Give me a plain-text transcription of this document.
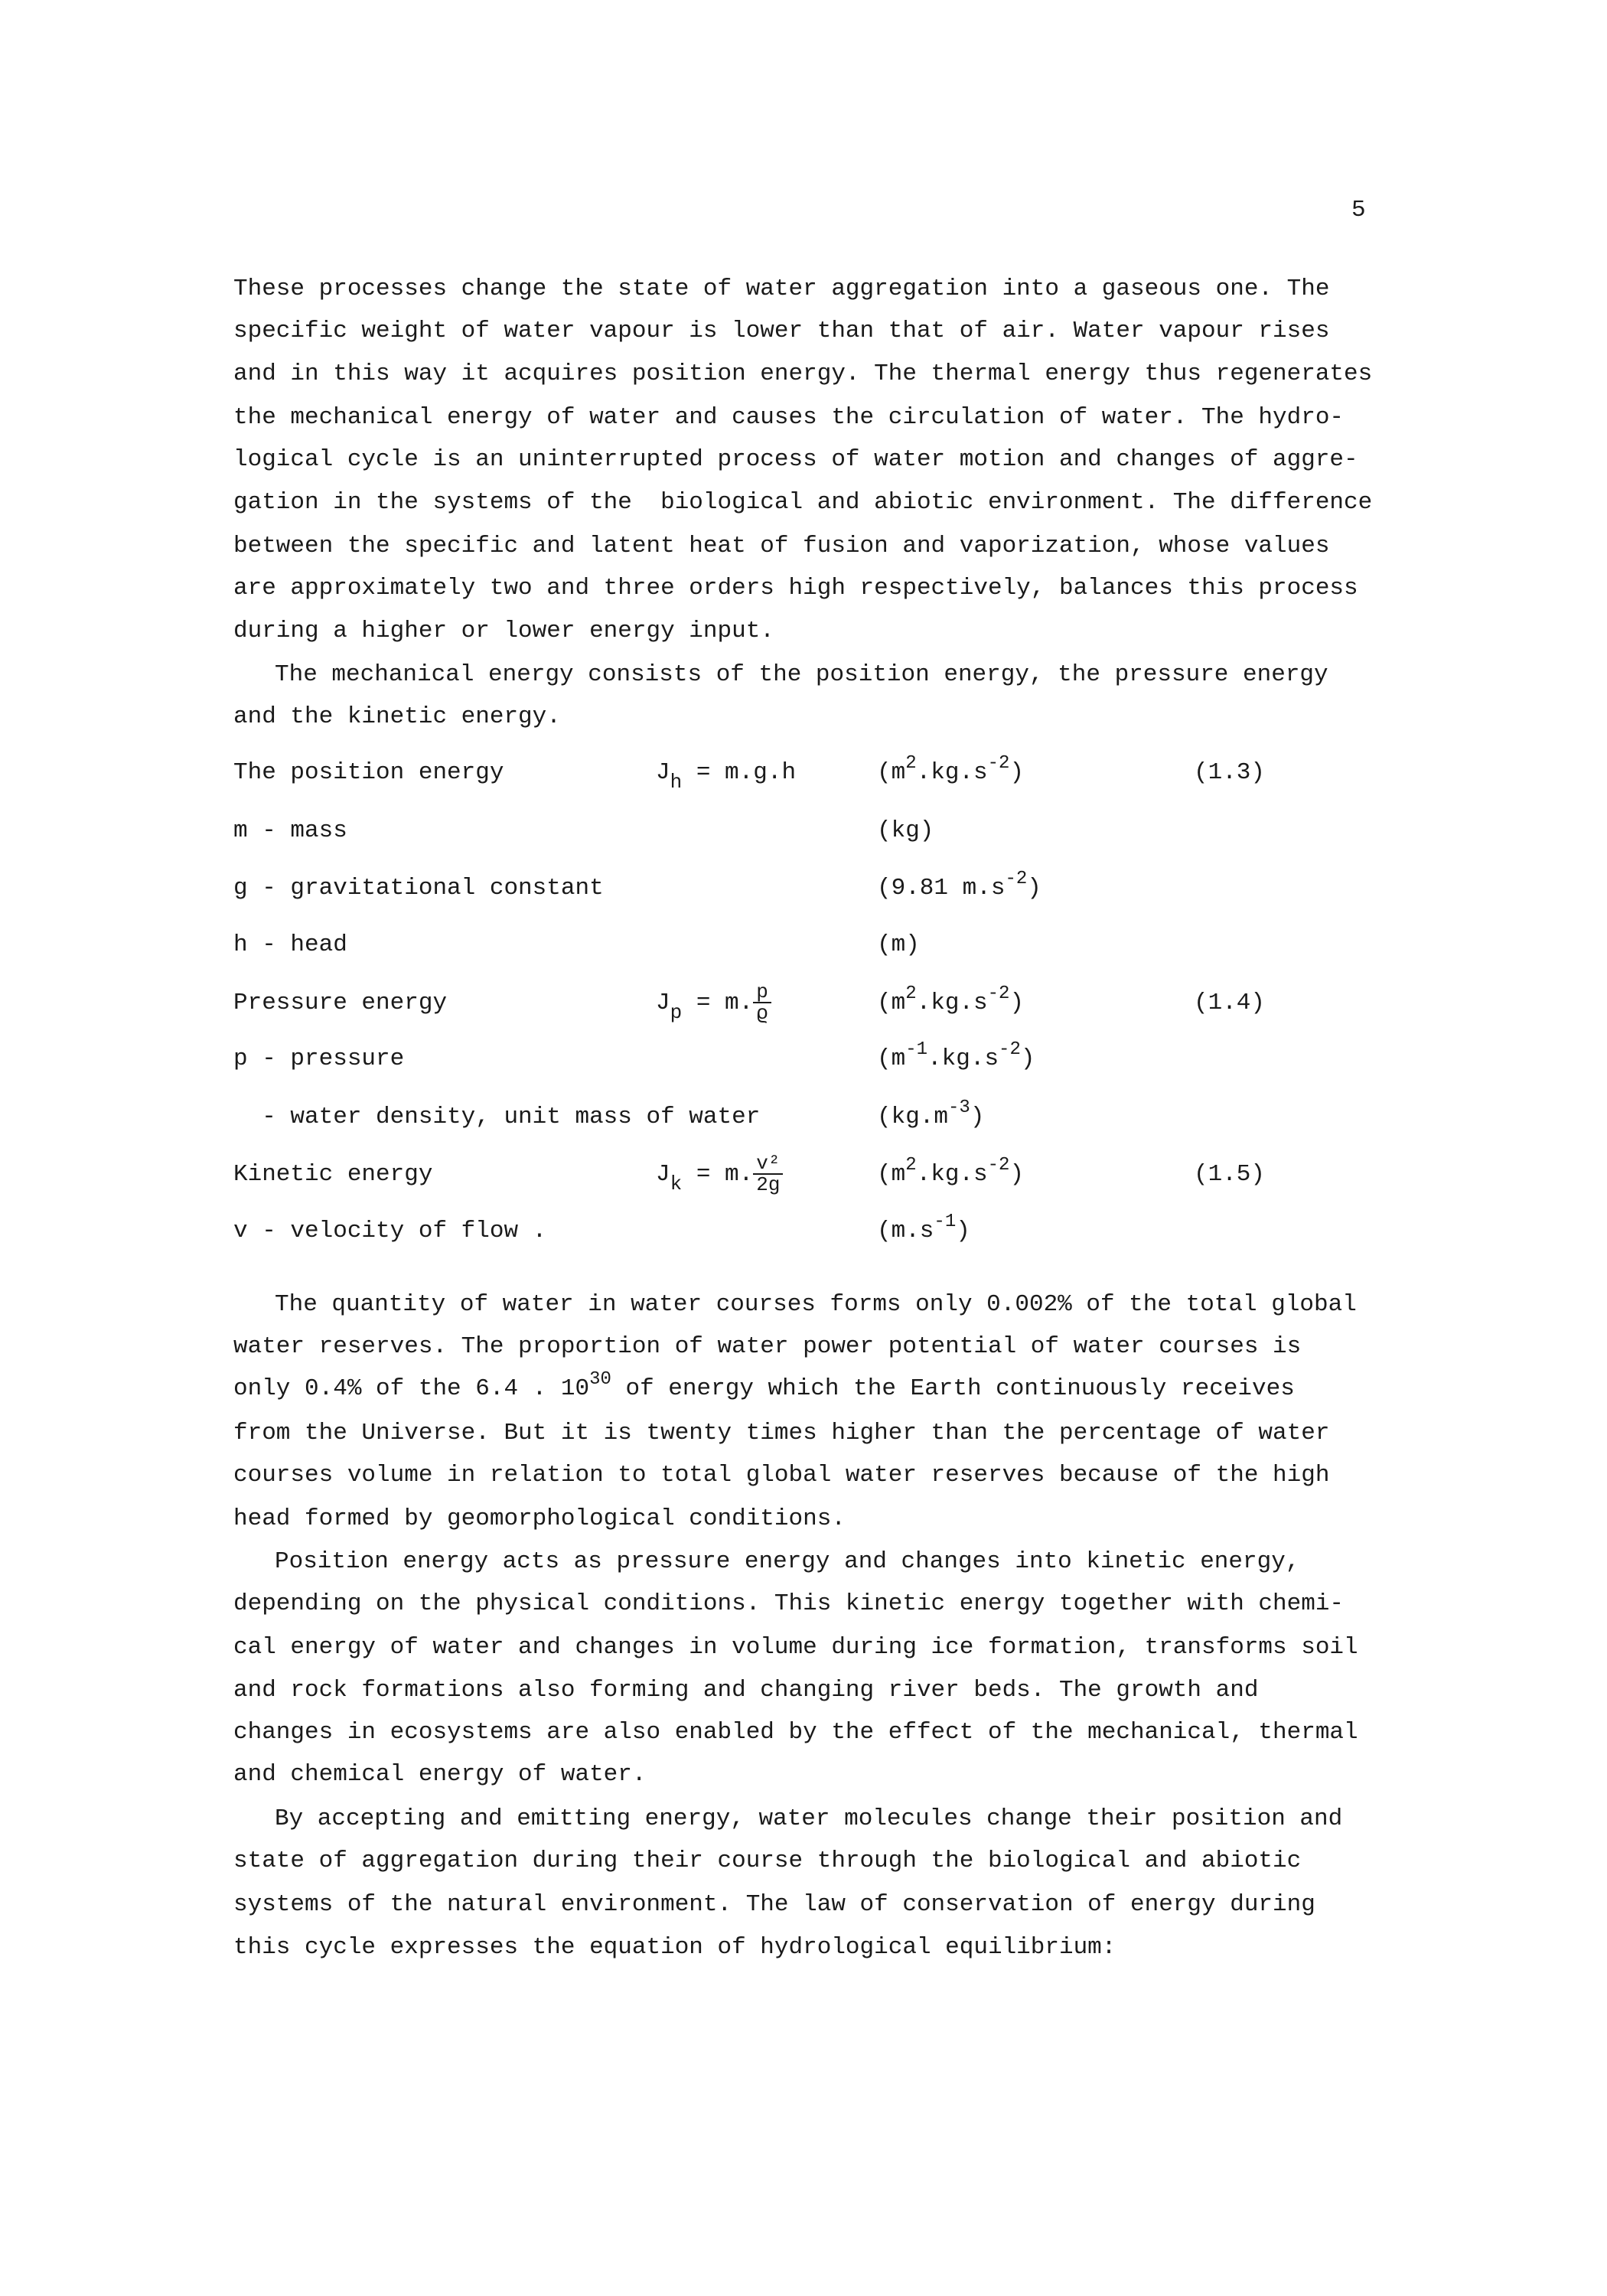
5
These processes change the state of water aggregation into a gaseous one. The
specific weight of water vapour is lower than that of air. Water vapour rises
and in this way it acquires position energy. The thermal energy thus regenerates
the mechanical energy of water and causes the circulation of water. The hydro-
logical cycle is an uninterrupted process of water motion and changes of aggre-
gation in the systems of the  biological and abiotic environment. The difference
between the specific and latent heat of fusion and vaporization, whose values
are approximately two and three orders high respectively, balances this process
during a higher or lower energy input.
The mechanical energy consists of the position energy, the pressure energy
and the kinetic energy.
The position energy	$J_h = m.g.h$	$(m^2.kg.s^{-2})$	(1.3)
m - mass	(kg)
g - gravitational constant	(9.81 $m.s^{-2}$)
h - head	(m)
Pressure energy	$J_p = m$. $\frac{p}{ϱ}$	$(m^2.kg.s^{-2})$	(1.4)
p - pressure	$(m^{-1}.kg.s^{-2})$
- water density, unit mass of water	$(kg.m^{-3})$
Kinetic energy	$J_k = m$. $\frac{\text{v²}}{2g}$	$(m^2.kg.s^{-2})$	(1.5)
v - velocity of flow .	$(m.s^{-1})$
The quantity of water in water courses forms only 0.002% of the total global
water reserves. The proportion of water power potential of water courses is
only 0.4% of the 6.4 . $10^{30}$ of energy which the Earth continuously receives
from the Universe. But it is twenty times higher than the percentage of water
courses volume in relation to total global water reserves because of the high
head formed by geomorphological conditions.
Position energy acts as pressure energy and changes into kinetic energy,
depending on the physical conditions. This kinetic energy together with chemi-
cal energy of water and changes in volume during ice formation, transforms soil
and rock formations also forming and changing river beds. The growth and
changes in ecosystems are also enabled by the effect of the mechanical, thermal
and chemical energy of water.
By accepting and emitting energy, water molecules change their position and
state of aggregation during their course through the biological and abiotic
systems of the natural environment. The law of conservation of energy during
this cycle expresses the equation of hydrological equilibrium:
